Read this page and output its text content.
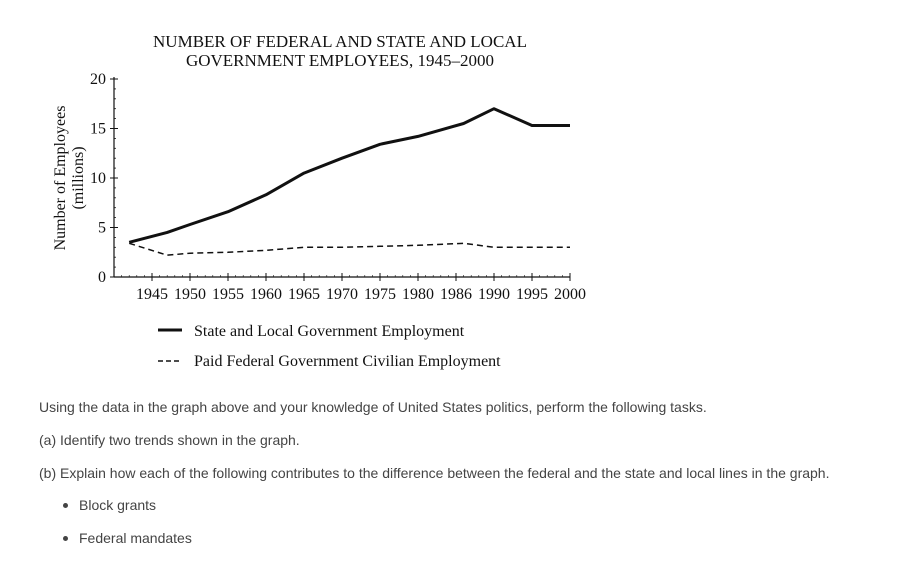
NUMBER OF FEDERAL AND STATE AND LOCAL
GOVERNMENT EMPLOYEES, 1945–2000
Number of Employees (millions)
0
5
10
15
20
1945 1950 1955 1960 1965 1970 1975 1980 1986 1990 1995 2000
State and Local Government Employment
Paid Federal Government Civilian Employment

Using the data in the graph above and your knowledge of United States politics, perform the following tasks.

(a) Identify two trends shown in the graph.

(b) Explain how each of the following contributes to the difference between the federal and the state and local lines in the graph.

Block grants
Federal mandates
